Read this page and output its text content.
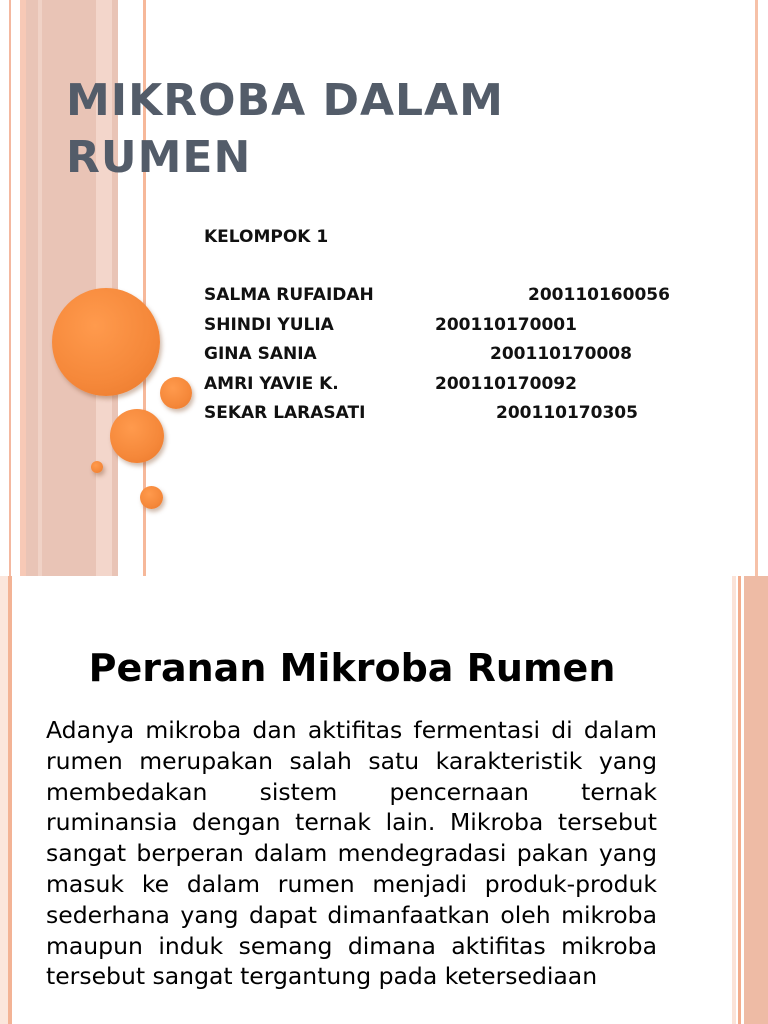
MIKROBA DALAM RUMEN

KELOMPOK 1

SALMA RUFAIDAH	200110160056
SHINDI YULIA	200110170001
GINA SANIA	200110170008
AMRI YAVIE K.	200110170092
SEKAR LARASATI	200110170305
Peranan Mikroba Rumen

Adanya mikroba dan aktifitas fermentasi di dalam rumen merupakan salah satu karakteristik yang membedakan sistem pencernaan ternak ruminansia dengan ternak lain. Mikroba tersebut sangat berperan dalam mendegradasi pakan yang masuk ke dalam rumen menjadi produk-produk sederhana yang dapat dimanfaatkan oleh mikroba maupun induk semang dimana aktifitas mikroba tersebut sangat tergantung pada ketersediaan
